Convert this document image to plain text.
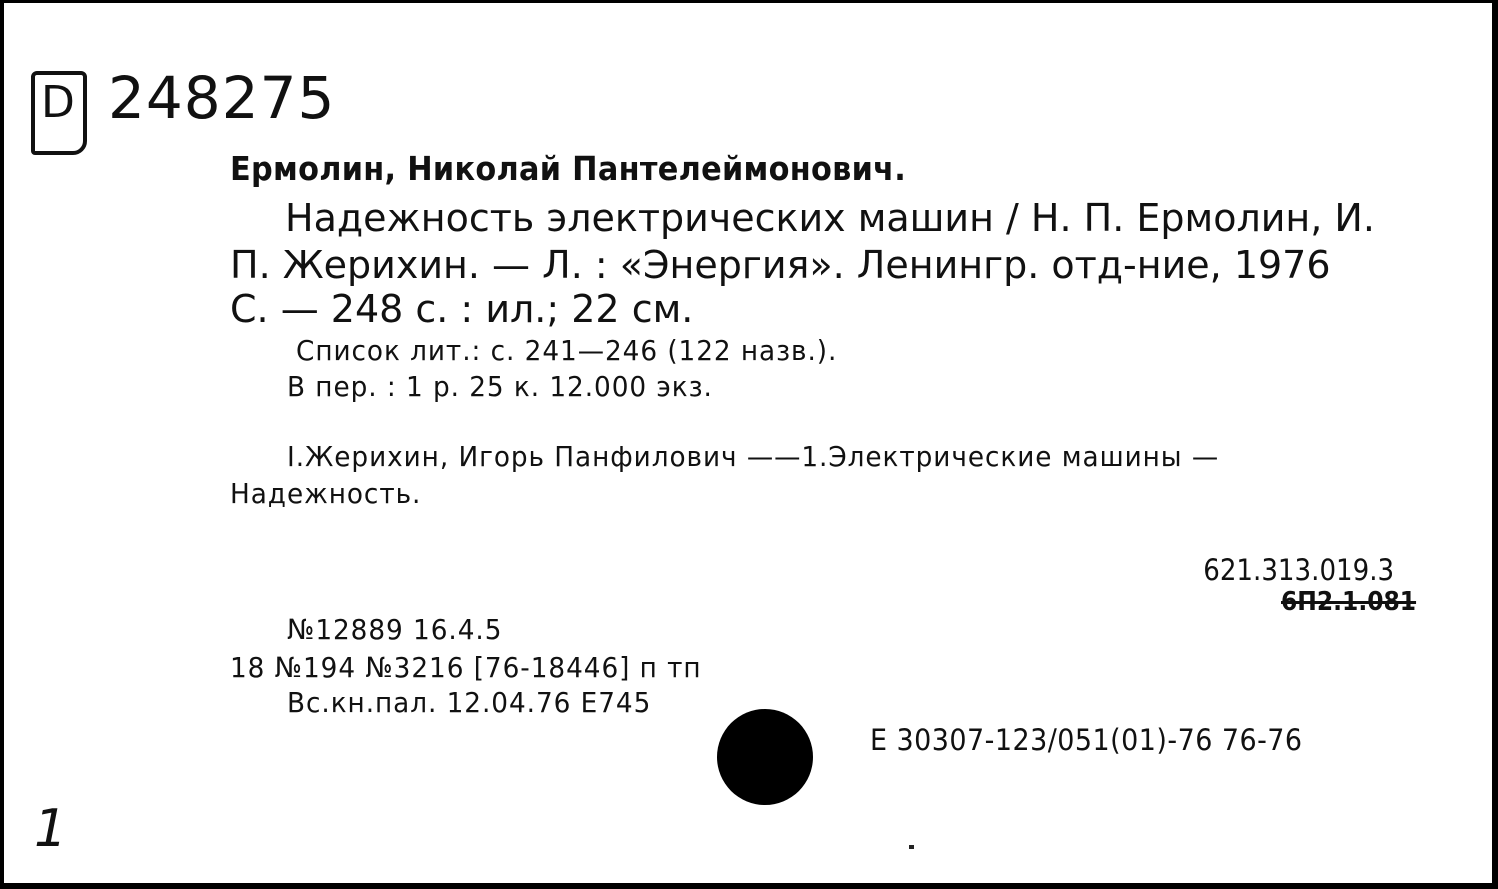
D 248275
Ермолин, Николай Пантелеймонович.
Надежность электрических машин / Н. П. Ермолин, И.
П. Жерихин. — Л. : «Энергия». Ленингр. отд-ние, 1976
С. — 248 с. : ил.; 22 см.
Список лит.: с. 241—246 (122 назв.).
В пер. : 1 р. 25 к. 12.000 экз.
I.Жерихин, Игорь Панфилович ——1.Электрические машины —
Надежность.
621.313.019.3
6П2.1.081
№12889 16.4.5
18 №194 №3216 [76-18446] п тп
Вс.кн.пал. 12.04.76 Е745
Е 30307-123/051(01)-76 76-76
1
